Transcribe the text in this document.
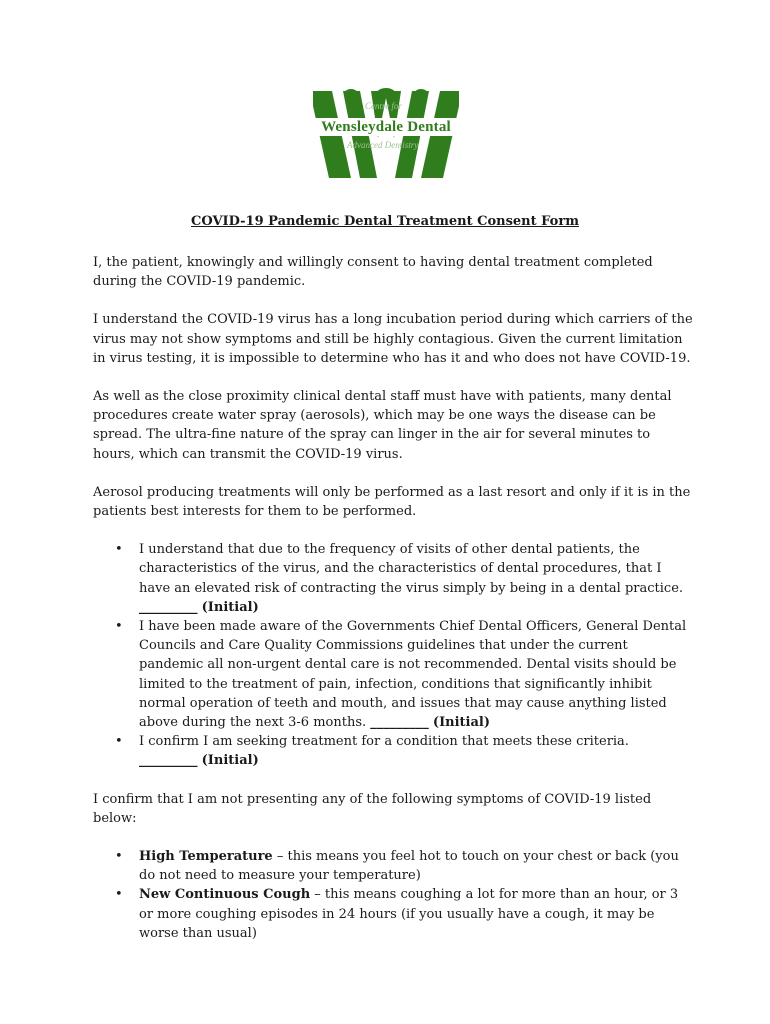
Centre for
Wensleydale Dental
Advanced Dentistry
COVID-19 Pandemic Dental Treatment Consent Form

I, the patient, knowingly and willingly consent to having dental treatment completed during the COVID-19 pandemic.

I understand the COVID-19 virus has a long incubation period during which carriers of the virus may not show symptoms and still be highly contagious. Given the current limitation in virus testing, it is impossible to determine who has it and who does not have COVID-19.

As well as the close proximity clinical dental staff must have with patients, many dental procedures create water spray (aerosols), which may be one ways the disease can be spread. The ultra-fine nature of the spray can linger in the air for several minutes to hours, which can transmit the COVID-19 virus.

Aerosol producing treatments will only be performed as a last resort and only if it is in the patients best interests for them to be performed.

• I understand that due to the frequency of visits of other dental patients, the characteristics of the virus, and the characteristics of dental procedures, that I have an elevated risk of contracting the virus simply by being in a dental practice.
_________ (Initial)
• I have been made aware of the Governments Chief Dental Officers, General Dental Councils and Care Quality Commissions guidelines that under the current pandemic all non-urgent dental care is not recommended. Dental visits should be limited to the treatment of pain, infection, conditions that significantly inhibit normal operation of teeth and mouth, and issues that may cause anything listed above during the next 3-6 months. _________ (Initial)
• I confirm I am seeking treatment for a condition that meets these criteria.
_________ (Initial)

I confirm that I am not presenting any of the following symptoms of COVID-19 listed below:

• High Temperature – this means you feel hot to touch on your chest or back (you do not need to measure your temperature)
• New Continuous Cough – this means coughing a lot for more than an hour, or 3 or more coughing episodes in 24 hours (if you usually have a cough, it may be worse than usual)
